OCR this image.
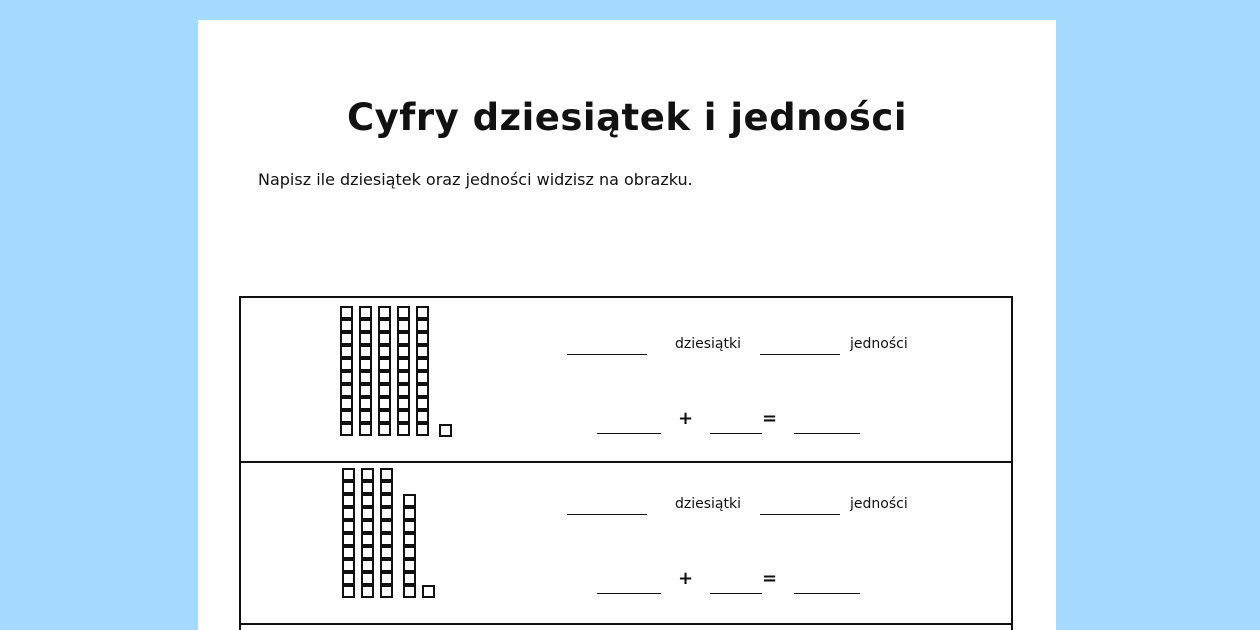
Cyfry dziesiątek i jedności
Napisz ile dziesiątek oraz jedności widzisz na obrazku.
dziesiątki	jedności
+	=
dziesiątki	jedności
+	=
